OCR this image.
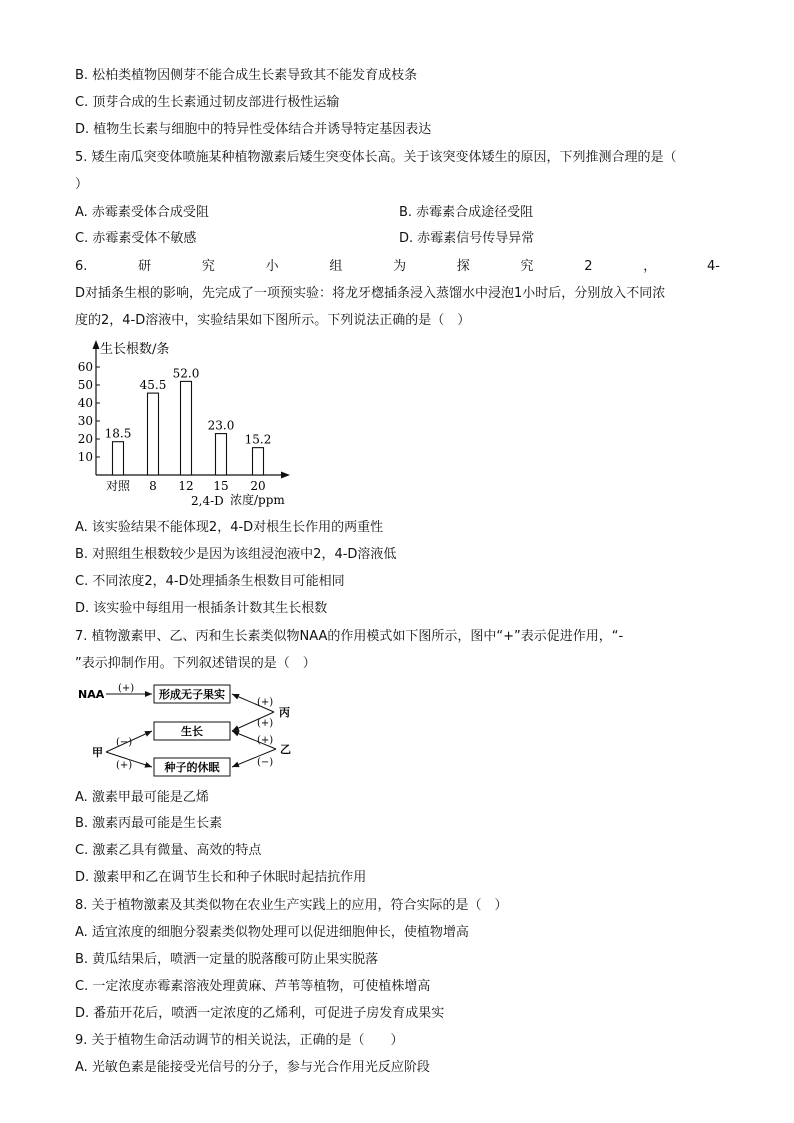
B. 松柏类植物因侧芽不能合成生长素导致其不能发育成枝条
C. 顶芽合成的生长素通过韧皮部进行极性运输
D. 植物生长素与细胞中的特异性受体结合并诱导特定基因表达
5. 矮生南瓜突变体喷施某种植物激素后矮生突变体长高。关于该突变体矮生的原因，下列推测合理的是（
）
A. 赤霉素受体合成受阻	B. 赤霉素合成途径受阻
C. 赤霉素受体不敏感	D. 赤霉素信号传导异常
6.	研	究	小	组	为	探	究	2	，	4-
D对插条生根的影响，先完成了一项预实验：将龙牙楤插条浸入蒸馏水中浸泡1小时后，分别放入不同浓
度的2，4-D溶液中，实验结果如下图所示。下列说法正确的是（　）
生长根数/条
10
20
30
40
50
60
18.5
45.5
52.0
23.0
15.2
对照 8 12 15 20
2,4-D 浓度/ppm
A. 该实验结果不能体现2，4-D对根生长作用的两重性
B. 对照组生根数较少是因为该组浸泡液中2，4-D溶液低
C. 不同浓度2，4-D处理插条生根数目可能相同
D. 该实验中每组用一根插条计数其生长根数
7. 植物激素甲、乙、丙和生长素类似物NAA的作用模式如下图所示，图中“+”表示促进作用，“-
”表示抑制作用。下列叙述错误的是（　）
形成无子果实
生长
种子的休眠
NAA (+)
丙
(+)
(+)
甲
(−)
(+)
乙
(+)
(−)
A. 激素甲最可能是乙烯
B. 激素丙最可能是生长素
C. 激素乙具有微量、高效的特点
D. 激素甲和乙在调节生长和种子休眠时起拮抗作用
8. 关于植物激素及其类似物在农业生产实践上的应用，符合实际的是（　）
A. 适宜浓度的细胞分裂素类似物处理可以促进细胞伸长，使植物增高
B. 黄瓜结果后，喷洒一定量的脱落酸可防止果实脱落
C. 一定浓度赤霉素溶液处理黄麻、芦苇等植物，可使植株增高
D. 番茄开花后，喷洒一定浓度的乙烯利，可促进子房发育成果实
9. 关于植物生命活动调节的相关说法，正确的是（　　）
A. 光敏色素是能接受光信号的分子，参与光合作用光反应阶段
